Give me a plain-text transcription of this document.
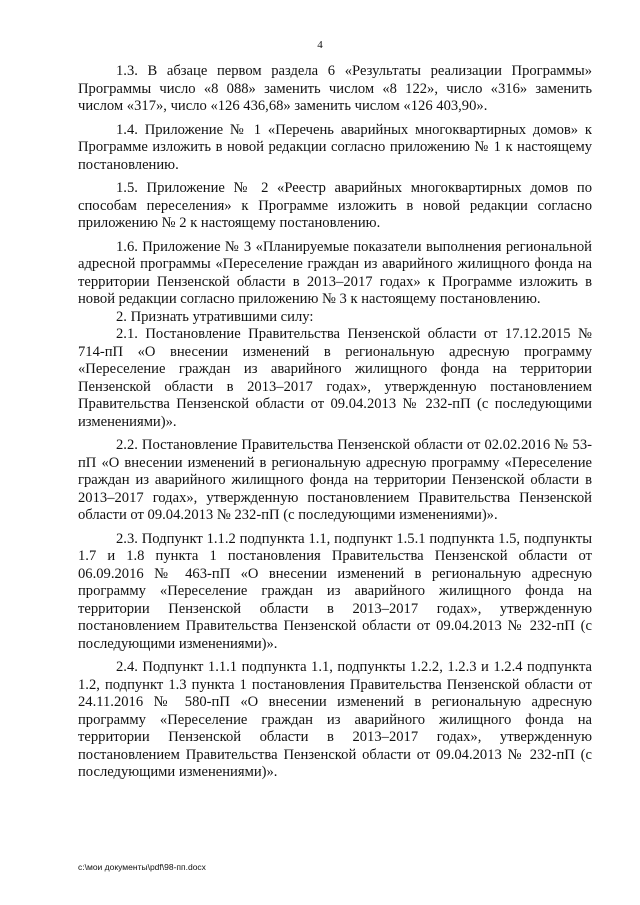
4

1.3. В абзаце первом раздела 6 «Результаты реализации Программы» Программы число «8 088» заменить числом «8 122», число «316» заменить числом «317», число «126 436,68» заменить числом «126 403,90».

1.4. Приложение № 1 «Перечень аварийных многоквартирных домов» к Программе изложить в новой редакции согласно приложению № 1 к настоящему постановлению.

1.5. Приложение № 2 «Реестр аварийных многоквартирных домов по способам переселения» к Программе изложить в новой редакции согласно приложению № 2 к настоящему постановлению.

1.6. Приложение № 3 «Планируемые показатели выполнения региональной адресной программы «Переселение граждан из аварийного жилищного фонда на территории Пензенской области в 2013–2017 годах» к Программе изложить в новой редакции согласно приложению № 3 к настоящему постановлению.

2. Признать утратившими силу:

2.1. Постановление Правительства Пензенской области от 17.12.2015 № 714-пП «О внесении изменений в региональную адресную программу «Переселение граждан из аварийного жилищного фонда на территории Пензенской области в 2013–2017 годах», утвержденную постановлением Правительства Пензенской области от 09.04.2013 № 232-пП (с последующими изменениями)».

2.2. Постановление Правительства Пензенской области от 02.02.2016 № 53-пП «О внесении изменений в региональную адресную программу «Переселение граждан из аварийного жилищного фонда на территории Пензенской области в 2013–2017 годах», утвержденную постановлением Правительства Пензенской области от 09.04.2013 № 232-пП (с последующими изменениями)».

2.3. Подпункт 1.1.2 подпункта 1.1, подпункт 1.5.1 подпункта 1.5, подпункты 1.7 и 1.8 пункта 1 постановления Правительства Пензенской области от 06.09.2016 № 463-пП «О внесении изменений в региональную адресную программу «Переселение граждан из аварийного жилищного фонда на территории Пензенской области в 2013–2017 годах», утвержденную постановлением Правительства Пензенской области от 09.04.2013 № 232-пП (с последующими изменениями)».

2.4. Подпункт 1.1.1 подпункта 1.1, подпункты 1.2.2, 1.2.3 и 1.2.4 подпункта 1.2, подпункт 1.3 пункта 1 постановления Правительства Пензенской области от 24.11.2016 № 580-пП «О внесении изменений в региональную адресную программу «Переселение граждан из аварийного жилищного фонда на территории Пензенской области в 2013–2017 годах», утвержденную постановлением Правительства Пензенской области от 09.04.2013 № 232-пП (с последующими изменениями)».

c:\мои документы\pdf\98-пп.docx
